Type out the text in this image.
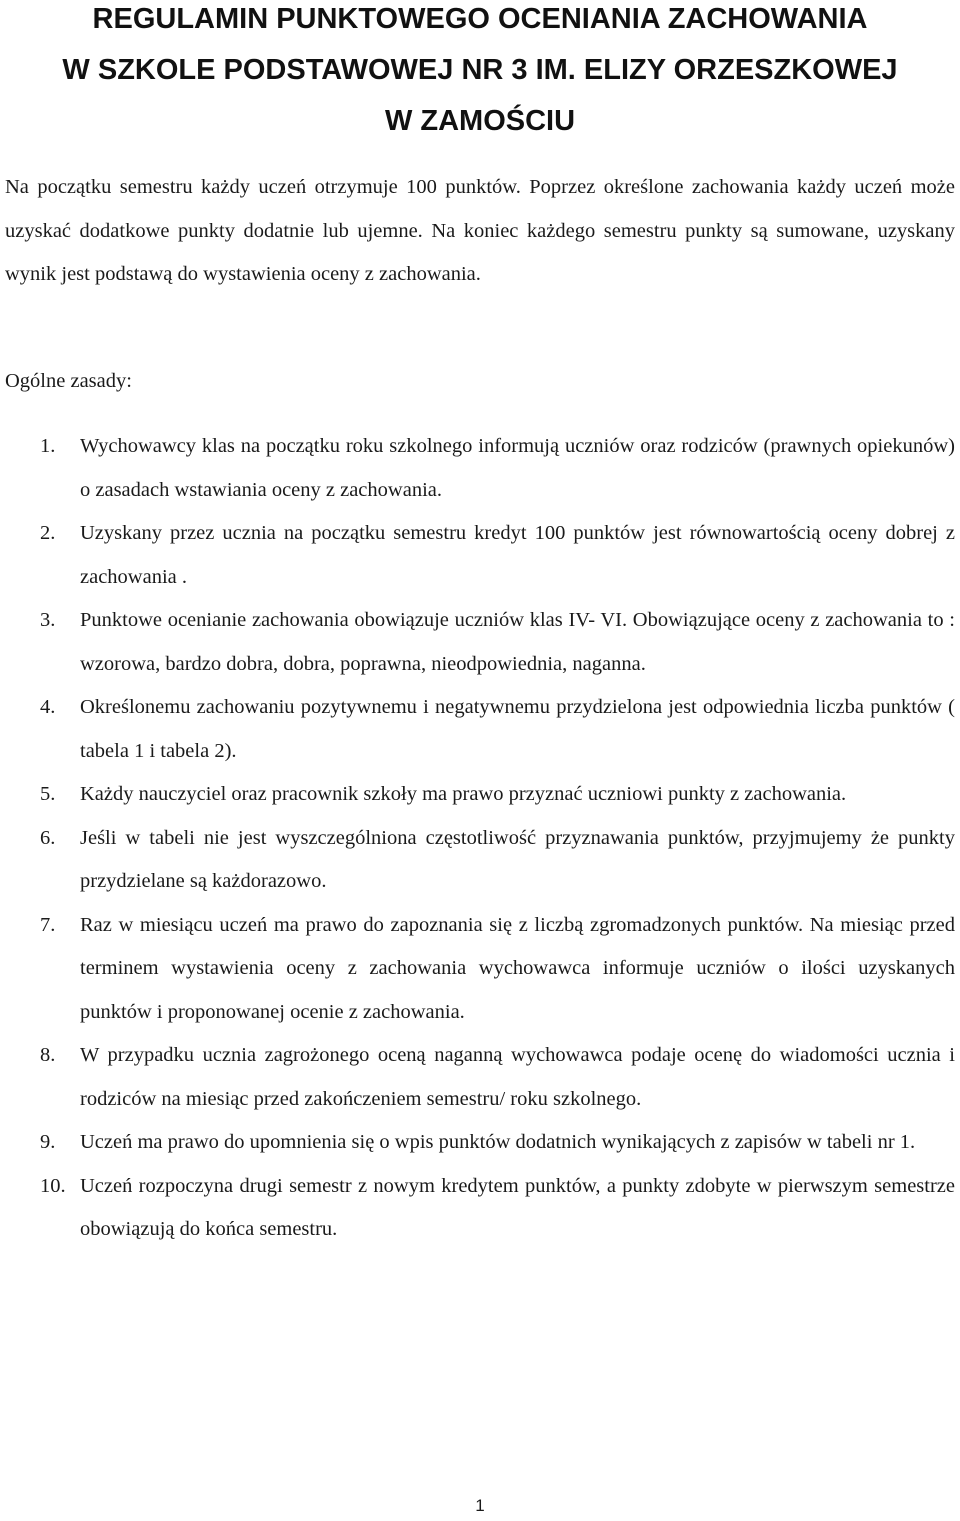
REGULAMIN PUNKTOWEGO OCENIANIA ZACHOWANIA
W SZKOLE PODSTAWOWEJ NR 3 IM. ELIZY ORZESZKOWEJ
W ZAMOŚCIU

Na początku semestru każdy uczeń otrzymuje 100 punktów. Poprzez określone zachowania każdy uczeń może uzyskać dodatkowe punkty dodatnie lub ujemne. Na koniec każdego semestru punkty są sumowane, uzyskany wynik jest podstawą do wystawienia oceny z zachowania.

Ogólne zasady:

1. Wychowawcy klas na początku roku szkolnego informują uczniów oraz rodziców (prawnych opiekunów) o zasadach wstawiania oceny z zachowania.
2. Uzyskany przez ucznia na początku semestru kredyt 100 punktów jest równowartością oceny dobrej z zachowania .
3. Punktowe ocenianie zachowania obowiązuje uczniów klas IV- VI. Obowiązujące oceny z zachowania to : wzorowa, bardzo dobra, dobra, poprawna, nieodpowiednia, naganna.
4. Określonemu zachowaniu pozytywnemu i negatywnemu przydzielona jest odpowiednia liczba punktów ( tabela 1 i tabela 2).
5. Każdy nauczyciel oraz pracownik szkoły ma prawo przyznać uczniowi punkty z zachowania.
6. Jeśli w tabeli nie jest wyszczególniona częstotliwość przyznawania punktów, przyjmujemy że punkty przydzielane są każdorazowo.
7. Raz w miesiącu uczeń ma prawo do zapoznania się z liczbą zgromadzonych punktów. Na miesiąc przed terminem wystawienia oceny z zachowania wychowawca informuje uczniów o ilości uzyskanych punktów i proponowanej ocenie z zachowania.
8. W przypadku ucznia zagrożonego oceną naganną wychowawca podaje ocenę do wiadomości ucznia i rodziców na miesiąc przed zakończeniem semestru/ roku szkolnego.
9. Uczeń ma prawo do upomnienia się o wpis punktów dodatnich wynikających z zapisów w tabeli nr 1.
10. Uczeń rozpoczyna drugi semestr z nowym kredytem punktów, a punkty zdobyte w pierwszym semestrze obowiązują do końca semestru.
1
